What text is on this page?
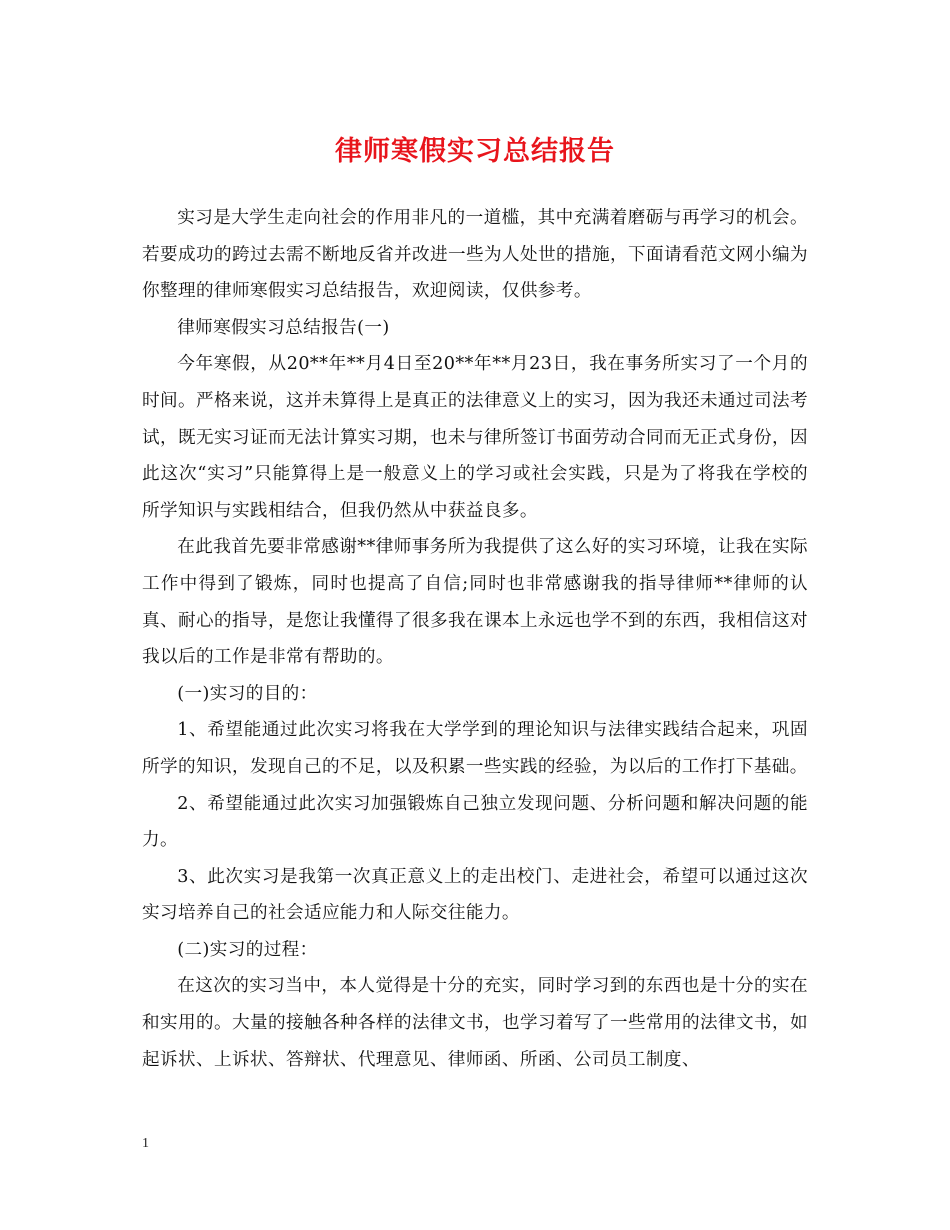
律师寒假实习总结报告

实习是大学生走向社会的作用非凡的一道槛，其中充满着磨砺与再学习的机会。若要成功的跨过去需不断地反省并改进一些为人处世的措施，下面请看范文网小编为你整理的律师寒假实习总结报告，欢迎阅读，仅供参考。

律师寒假实习总结报告(一)

今年寒假，从20**年**月4日至20**年**月23日，我在事务所实习了一个月的时间。严格来说，这并未算得上是真正的法律意义上的实习，因为我还未通过司法考试，既无实习证而无法计算实习期，也未与律所签订书面劳动合同而无正式身份，因此这次“实习”只能算得上是一般意义上的学习或社会实践，只是为了将我在学校的所学知识与实践相结合，但我仍然从中获益良多。

在此我首先要非常感谢**律师事务所为我提供了这么好的实习环境，让我在实际工作中得到了锻炼，同时也提高了自信;同时也非常感谢我的指导律师**律师的认真、耐心的指导，是您让我懂得了很多我在课本上永远也学不到的东西，我相信这对我以后的工作是非常有帮助的。

(一)实习的目的：

1、希望能通过此次实习将我在大学学到的理论知识与法律实践结合起来，巩固所学的知识，发现自己的不足，以及积累一些实践的经验，为以后的工作打下基础。

2、希望能通过此次实习加强锻炼自己独立发现问题、分析问题和解决问题的能力。

3、此次实习是我第一次真正意义上的走出校门、走进社会，希望可以通过这次实习培养自己的社会适应能力和人际交往能力。

(二)实习的过程：

在这次的实习当中，本人觉得是十分的充实，同时学习到的东西也是十分的实在和实用的。大量的接触各种各样的法律文书，也学习着写了一些常用的法律文书，如起诉状、上诉状、答辩状、代理意见、律师函、所函、公司员工制度、

1
